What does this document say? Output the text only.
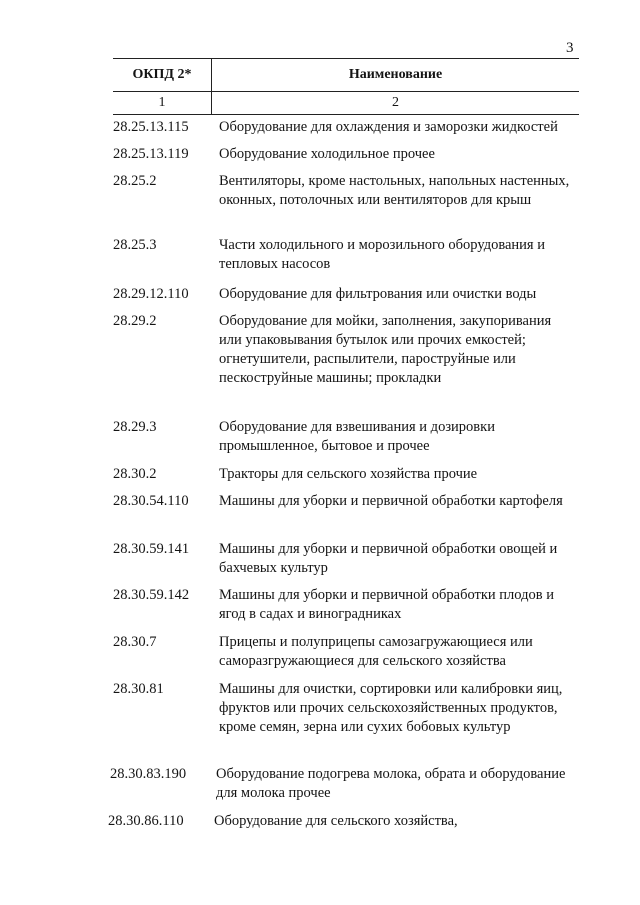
3
ОКПД 2*	Наименование
1	2
28.25.13.115	Оборудование для охлаждения и заморозки жидкостей
28.25.13.119	Оборудование холодильное прочее
28.25.2	Вентиляторы, кроме настольных, напольных настенных, оконных, потолочных или вентиляторов для крыш
28.25.3	Части холодильного и морозильного оборудования и тепловых насосов
28.29.12.110	Оборудование для фильтрования или очистки воды
28.29.2	Оборудование для мойки, заполнения, закупоривания или упаковывания бутылок или прочих емкостей; огнетушители, распылители, пароструйные или пескоструйные машины; прокладки
28.29.3	Оборудование для взвешивания и дозировки промышленное, бытовое и прочее
28.30.2	Тракторы для сельского хозяйства прочие
28.30.54.110	Машины для уборки и первичной обработки картофеля
28.30.59.141	Машины для уборки и первичной обработки овощей и бахчевых культур
28.30.59.142	Машины для уборки и первичной обработки плодов и ягод в садах и виноградниках
28.30.7	Прицепы и полуприцепы самозагружающиеся или саморазгружающиеся для сельского хозяйства
28.30.81	Машины для очистки, сортировки или калибровки яиц, фруктов или прочих сельскохозяйственных продуктов, кроме семян, зерна или сухих бобовых культур
28.30.83.190	Оборудование подогрева молока, обрата и оборудование для молока прочее
28.30.86.110	Оборудование для сельского хозяйства,
